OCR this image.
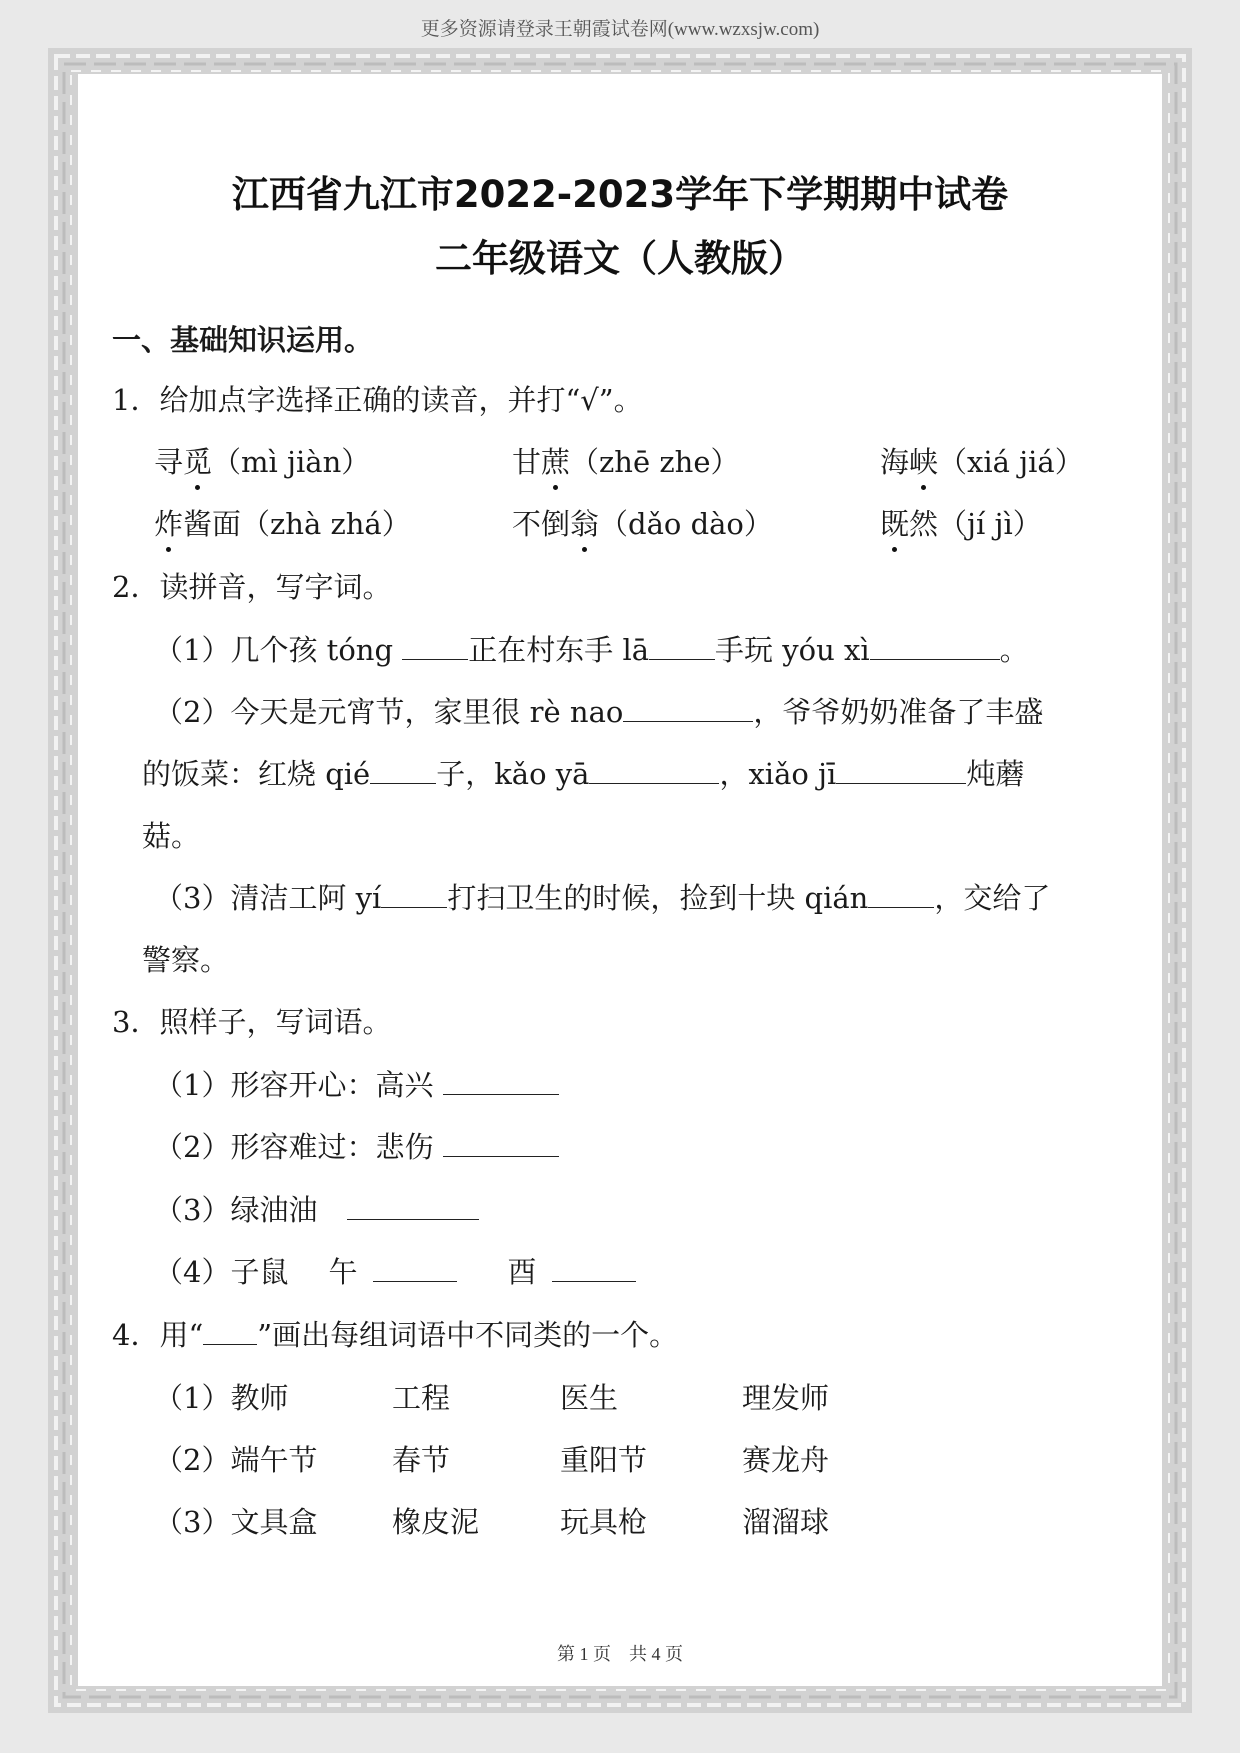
更多资源请登录王朝霞试卷网(www.wzxsjw.com)
江西省九江市2022-2023学年下学期期中试卷
二年级语文（人教版）
一、基础知识运用。
1．给加点字选择正确的读音，并打“√”。
寻觅（mì jiàn）	甘蔗（zhē zhe）	海峡（xiá jiá）
炸酱面（zhà zhá）	不倒翁（dǎo dào）	既然（jí jì）
2．读拼音，写字词。
（1）几个孩 tóng 正在村东手 lā 手玩 yóu xì	。
（2）今天是元宵节，家里很 rè nao	，爷爷奶奶准备了丰盛
的饭菜：红烧 qié 子，kǎo yā	，xiǎo jī	炖蘑
菇。
（3）清洁工阿 yí 打扫卫生的时候，捡到十块 qián ，交给了
警察。
3．照样子，写词语。
（1）形容开心：高兴
（2）形容难过：悲伤
（3）绿油油
（4）子鼠 午	酉
4．用“ ”画出每组词语中不同类的一个。
（1）教师	工程	医生	理发师
（2）端午节	春节	重阳节	赛龙舟
（3）文具盒	橡皮泥	玩具枪	溜溜球
第 1 页　共 4 页
